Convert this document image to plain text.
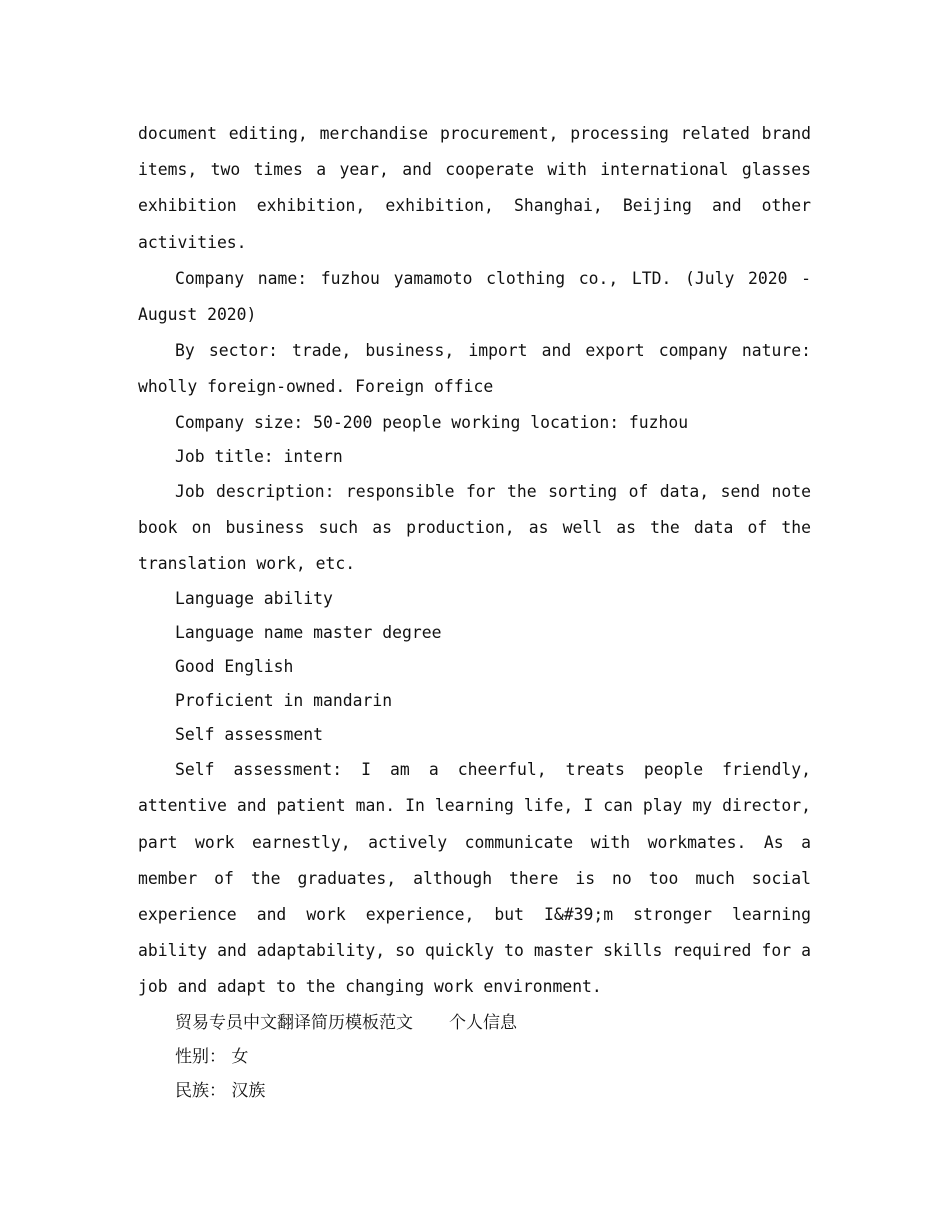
document editing, merchandise procurement, processing related brand items, two times a year, and cooperate with international glasses exhibition exhibition, exhibition, Shanghai, Beijing and other activities.

Company name: fuzhou yamamoto clothing co., LTD. (July 2020 - August 2020)

By sector: trade, business, import and export company nature: wholly foreign-owned. Foreign office

Company size: 50-200 people working location: fuzhou

Job title: intern

Job description: responsible for the sorting of data, send note book on business such as production, as well as the data of the translation work, etc.

Language ability

Language name master degree

Good English

Proficient in mandarin

Self assessment

Self assessment: I am a cheerful, treats people friendly, attentive and patient man. In learning life, I can play my director, part work earnestly, actively communicate with workmates. As a member of the graduates, although there is no too much social experience and work experience, but I&#39;m stronger learning ability and adaptability, so quickly to master skills required for a job and adapt to the changing work environment.

贸易专员中文翻译简历模板范文 个人信息

性别： 女

民族： 汉族
